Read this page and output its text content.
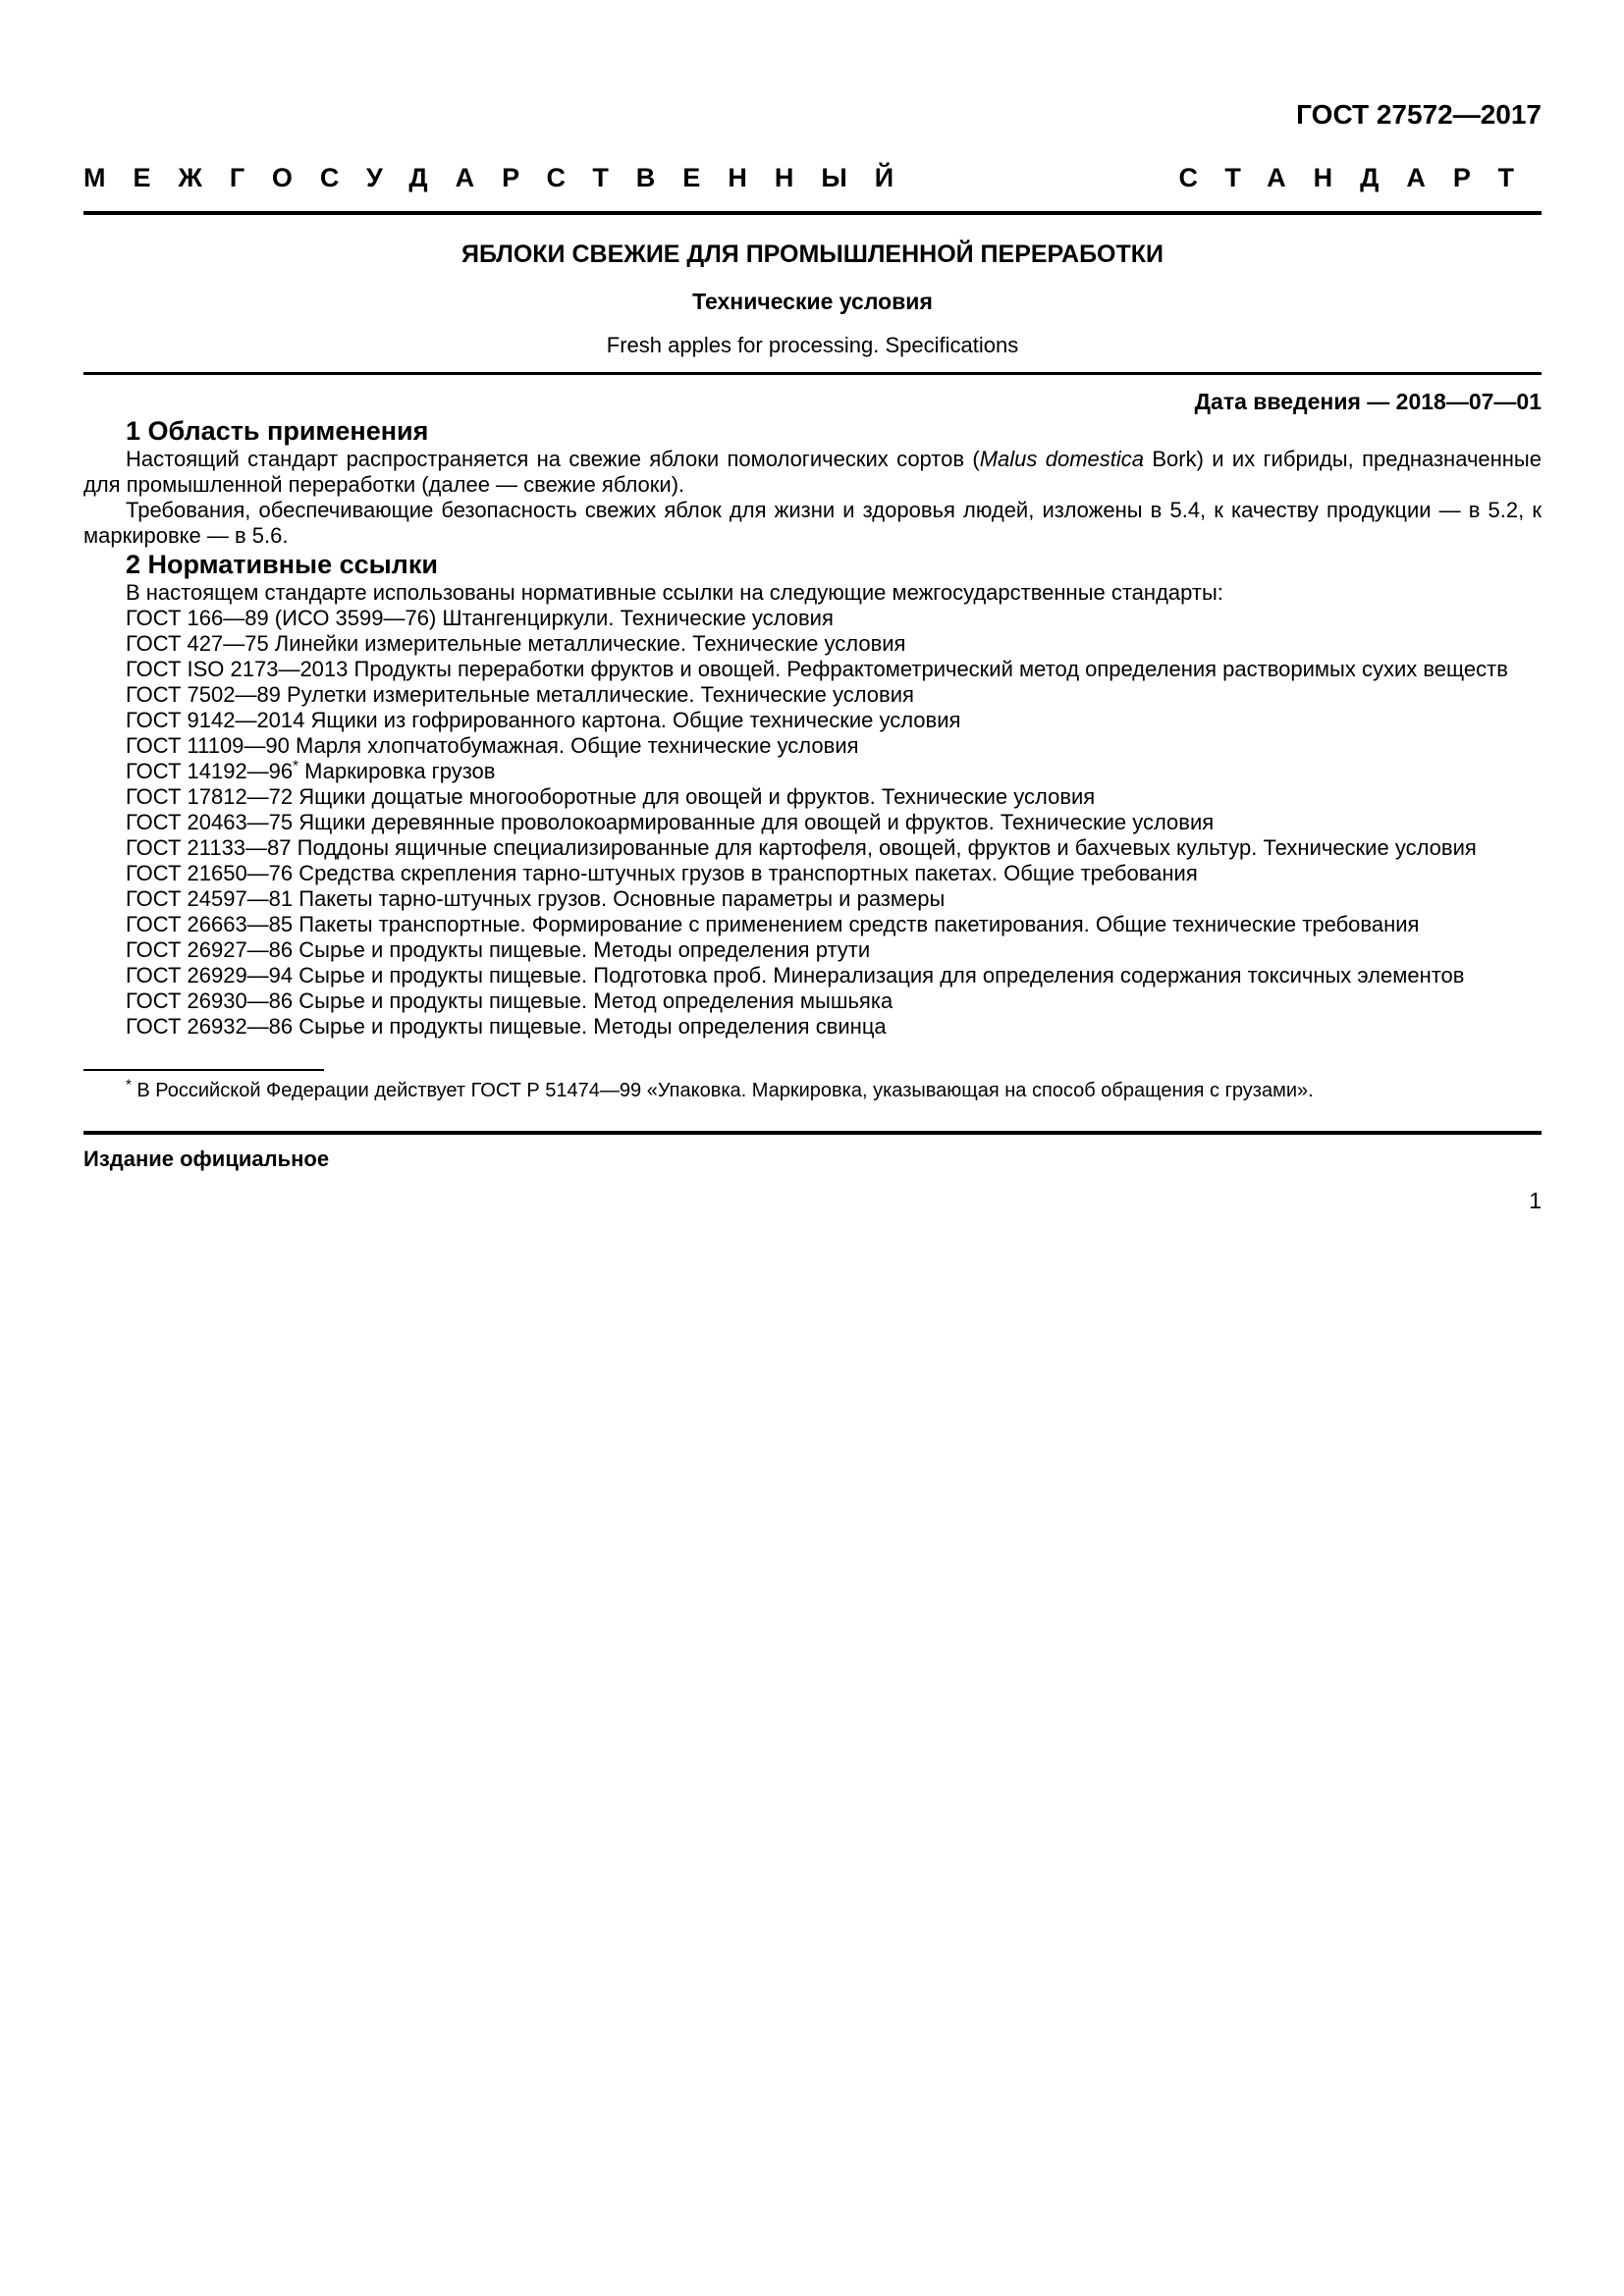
ГОСТ 27572—2017
МЕЖГОСУДАРСТВЕННЫЙ СТАНДАРТ
ЯБЛОКИ СВЕЖИЕ ДЛЯ ПРОМЫШЛЕННОЙ ПЕРЕРАБОТКИ
Технические условия
Fresh apples for processing. Specifications
Дата введения — 2018—07—01
1 Область применения

Настоящий стандарт распространяется на свежие яблоки помологических сортов (Malus domestica Bork) и их гибриды, предназначенные для промышленной переработки (далее — свежие яблоки).

Требования, обеспечивающие безопасность свежих яблок для жизни и здоровья людей, изложены в 5.4, к качеству продукции — в 5.2, к маркировке — в 5.6.

2 Нормативные ссылки

В настоящем стандарте использованы нормативные ссылки на следующие межгосударственные стандарты:

ГОСТ 166—89 (ИСО 3599—76) Штангенциркули. Технические условия

ГОСТ 427—75 Линейки измерительные металлические. Технические условия

ГОСТ ISO 2173—2013 Продукты переработки фруктов и овощей. Рефрактометрический метод определения растворимых сухих веществ

ГОСТ 7502—89 Рулетки измерительные металлические. Технические условия

ГОСТ 9142—2014 Ящики из гофрированного картона. Общие технические условия

ГОСТ 11109—90 Марля хлопчатобумажная. Общие технические условия

ГОСТ 14192—96* Маркировка грузов

ГОСТ 17812—72 Ящики дощатые многооборотные для овощей и фруктов. Технические условия

ГОСТ 20463—75 Ящики деревянные проволокоармированные для овощей и фруктов. Технические условия

ГОСТ 21133—87 Поддоны ящичные специализированные для картофеля, овощей, фруктов и бахчевых культур. Технические условия

ГОСТ 21650—76 Средства скрепления тарно-штучных грузов в транспортных пакетах. Общие требования

ГОСТ 24597—81 Пакеты тарно-штучных грузов. Основные параметры и размеры

ГОСТ 26663—85 Пакеты транспортные. Формирование с применением средств пакетирования. Общие технические требования

ГОСТ 26927—86 Сырье и продукты пищевые. Методы определения ртути

ГОСТ 26929—94 Сырье и продукты пищевые. Подготовка проб. Минерализация для определения содержания токсичных элементов

ГОСТ 26930—86 Сырье и продукты пищевые. Метод определения мышьяка

ГОСТ 26932—86 Сырье и продукты пищевые. Методы определения свинца

* В Российской Федерации действует ГОСТ Р 51474—99 «Упаковка. Маркировка, указывающая на способ обращения с грузами».

Издание официальное
1
